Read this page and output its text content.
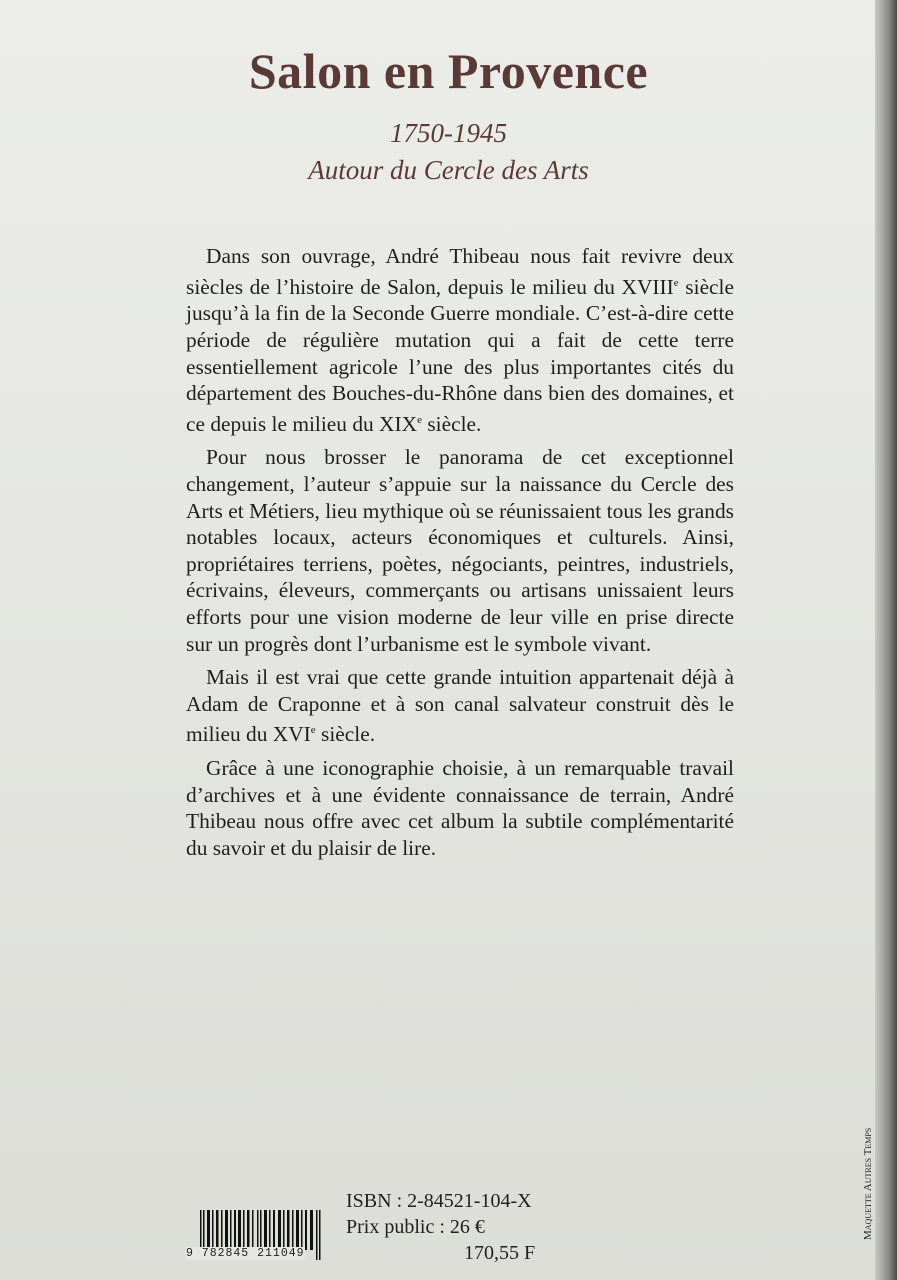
Salon en Provence
1750-1945
Autour du Cercle des Arts

Dans son ouvrage, André Thibeau nous fait revivre deux siècles de l’histoire de Salon, depuis le milieu du XVIIIe siècle jusqu’à la fin de la Seconde Guerre mondiale. C’est-à-dire cette période de régulière mutation qui a fait de cette terre essentiellement agricole l’une des plus importantes cités du département des Bouches-du-Rhône dans bien des domaines, et ce depuis le milieu du XIXe siècle.

Pour nous brosser le panorama de cet exceptionnel changement, l’auteur s’appuie sur la naissance du Cercle des Arts et Métiers, lieu mythique où se réunissaient tous les grands notables locaux, acteurs économiques et culturels. Ainsi, propriétaires terriens, poètes, négociants, peintres, industriels, écrivains, éleveurs, commerçants ou artisans unissaient leurs efforts pour une vision moderne de leur ville en prise directe sur un progrès dont l’urbanisme est le symbole vivant.

Mais il est vrai que cette grande intuition appartenait déjà à Adam de Craponne et à son canal salvateur construit dès le milieu du XVIe siècle.

Grâce à une iconographie choisie, à un remarquable travail d’archives et à une évidente connaissance de terrain, André Thibeau nous offre avec cet album la subtile complémentarité du savoir et du plaisir de lire.

9 782845 211049
ISBN : 2-84521-104-X
Prix public : 26 €
170,55 F
Maquette Autres Temps
